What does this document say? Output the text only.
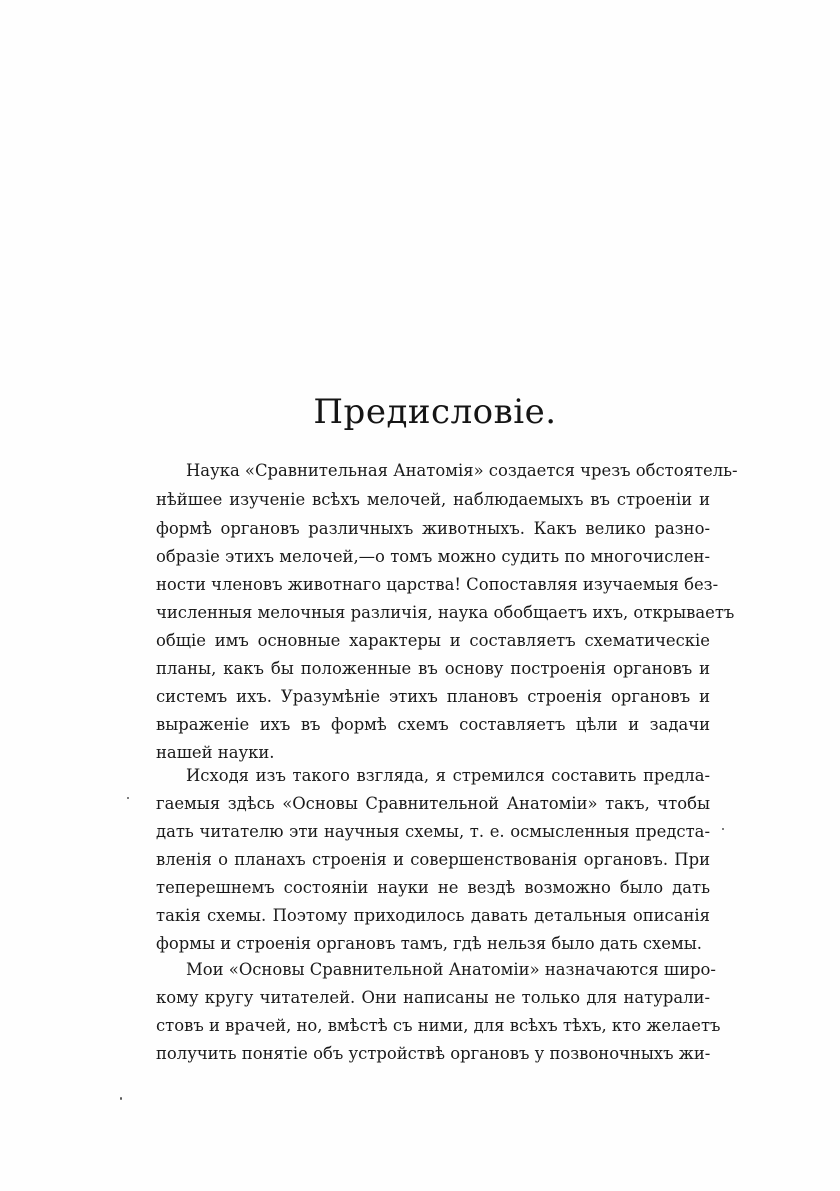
Предисловіе.

Наука «Сравнительная Анатомія» создается чрезъ обстоятель-

нѣйшее изученіе всѣхъ мелочей, наблюдаемыхъ въ строеніи и

формѣ органовъ различныхъ животныхъ. Какъ велико разно-

образіе этихъ мелочей,—о томъ можно судить по многочислен-

ности членовъ животнаго царства! Сопоставляя изучаемыя без-

численныя мелочныя различія, наука обобщаетъ ихъ, открываетъ

общіе имъ основные характеры и составляетъ схематическіе

планы, какъ бы положенные въ основу построенія органовъ и

системъ ихъ. Уразумѣніе этихъ плановъ строенія органовъ и

выраженіе ихъ въ формѣ схемъ составляетъ цѣли и задачи

нашей науки.

Исходя изъ такого взгляда, я стремился составить предла-

гаемыя здѣсь «Основы Сравнительной Анатоміи» такъ, чтобы

дать читателю эти научныя схемы, т. е. осмысленныя предста-

вленія о планахъ строенія и совершенствованія органовъ. При

теперешнемъ состояніи науки не вездѣ возможно было дать

такія схемы. Поэтому приходилось давать детальныя описанія

формы и строенія органовъ тамъ, гдѣ нельзя было дать схемы.

Мои «Основы Сравнительной Анатоміи» назначаются широ-

кому кругу читателей. Они написаны не только для натурали-

стовъ и врачей, но, вмѣстѣ съ ними, для всѣхъ тѣхъ, кто желаетъ

получить понятіе объ устройствѣ органовъ у позвоночныхъ жи-
